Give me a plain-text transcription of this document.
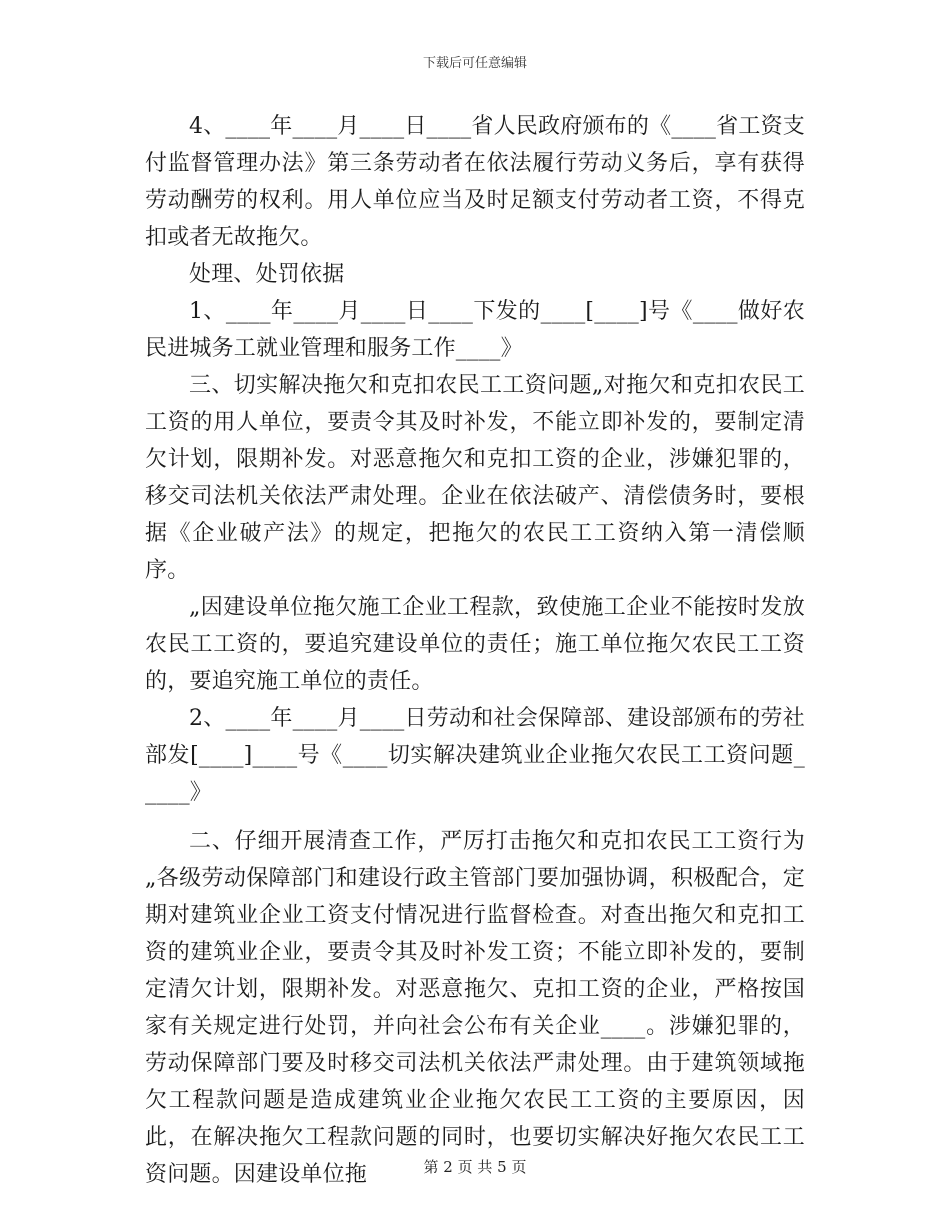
下载后可任意编辑

4、____年____月____日____省人民政府颁布的《____省工资支付监督管理办法》第三条劳动者在依法履行劳动义务后，享有获得劳动酬劳的权利。用人单位应当及时足额支付劳动者工资，不得克扣或者无故拖欠。

处理、处罚依据

1、____年____月____日____下发的____[____]号《____做好农民进城务工就业管理和服务工作____》

三、切实解决拖欠和克扣农民工工资问题„对拖欠和克扣农民工工资的用人单位，要责令其及时补发，不能立即补发的，要制定清欠计划，限期补发。对恶意拖欠和克扣工资的企业，涉嫌犯罪的，移交司法机关依法严肃处理。企业在依法破产、清偿债务时，要根据《企业破产法》的规定，把拖欠的农民工工资纳入第一清偿顺序。

„因建设单位拖欠施工企业工程款，致使施工企业不能按时发放农民工工资的，要追究建设单位的责任；施工单位拖欠农民工工资的，要追究施工单位的责任。

2、____年____月____日劳动和社会保障部、建设部颁布的劳社部发[____]____号《____切实解决建筑业企业拖欠农民工工资问题_____》

二、仔细开展清查工作，严厉打击拖欠和克扣农民工工资行为„各级劳动保障部门和建设行政主管部门要加强协调，积极配合，定期对建筑业企业工资支付情况进行监督检查。对查出拖欠和克扣工资的建筑业企业，要责令其及时补发工资；不能立即补发的，要制定清欠计划，限期补发。对恶意拖欠、克扣工资的企业，严格按国家有关规定进行处罚，并向社会公布有关企业____。涉嫌犯罪的，劳动保障部门要及时移交司法机关依法严肃处理。由于建筑领域拖欠工程款问题是造成建筑业企业拖欠农民工工资的主要原因，因此，在解决拖欠工程款问题的同时，也要切实解决好拖欠农民工工资问题。因建设单位拖	第 2 页 共 5 页
